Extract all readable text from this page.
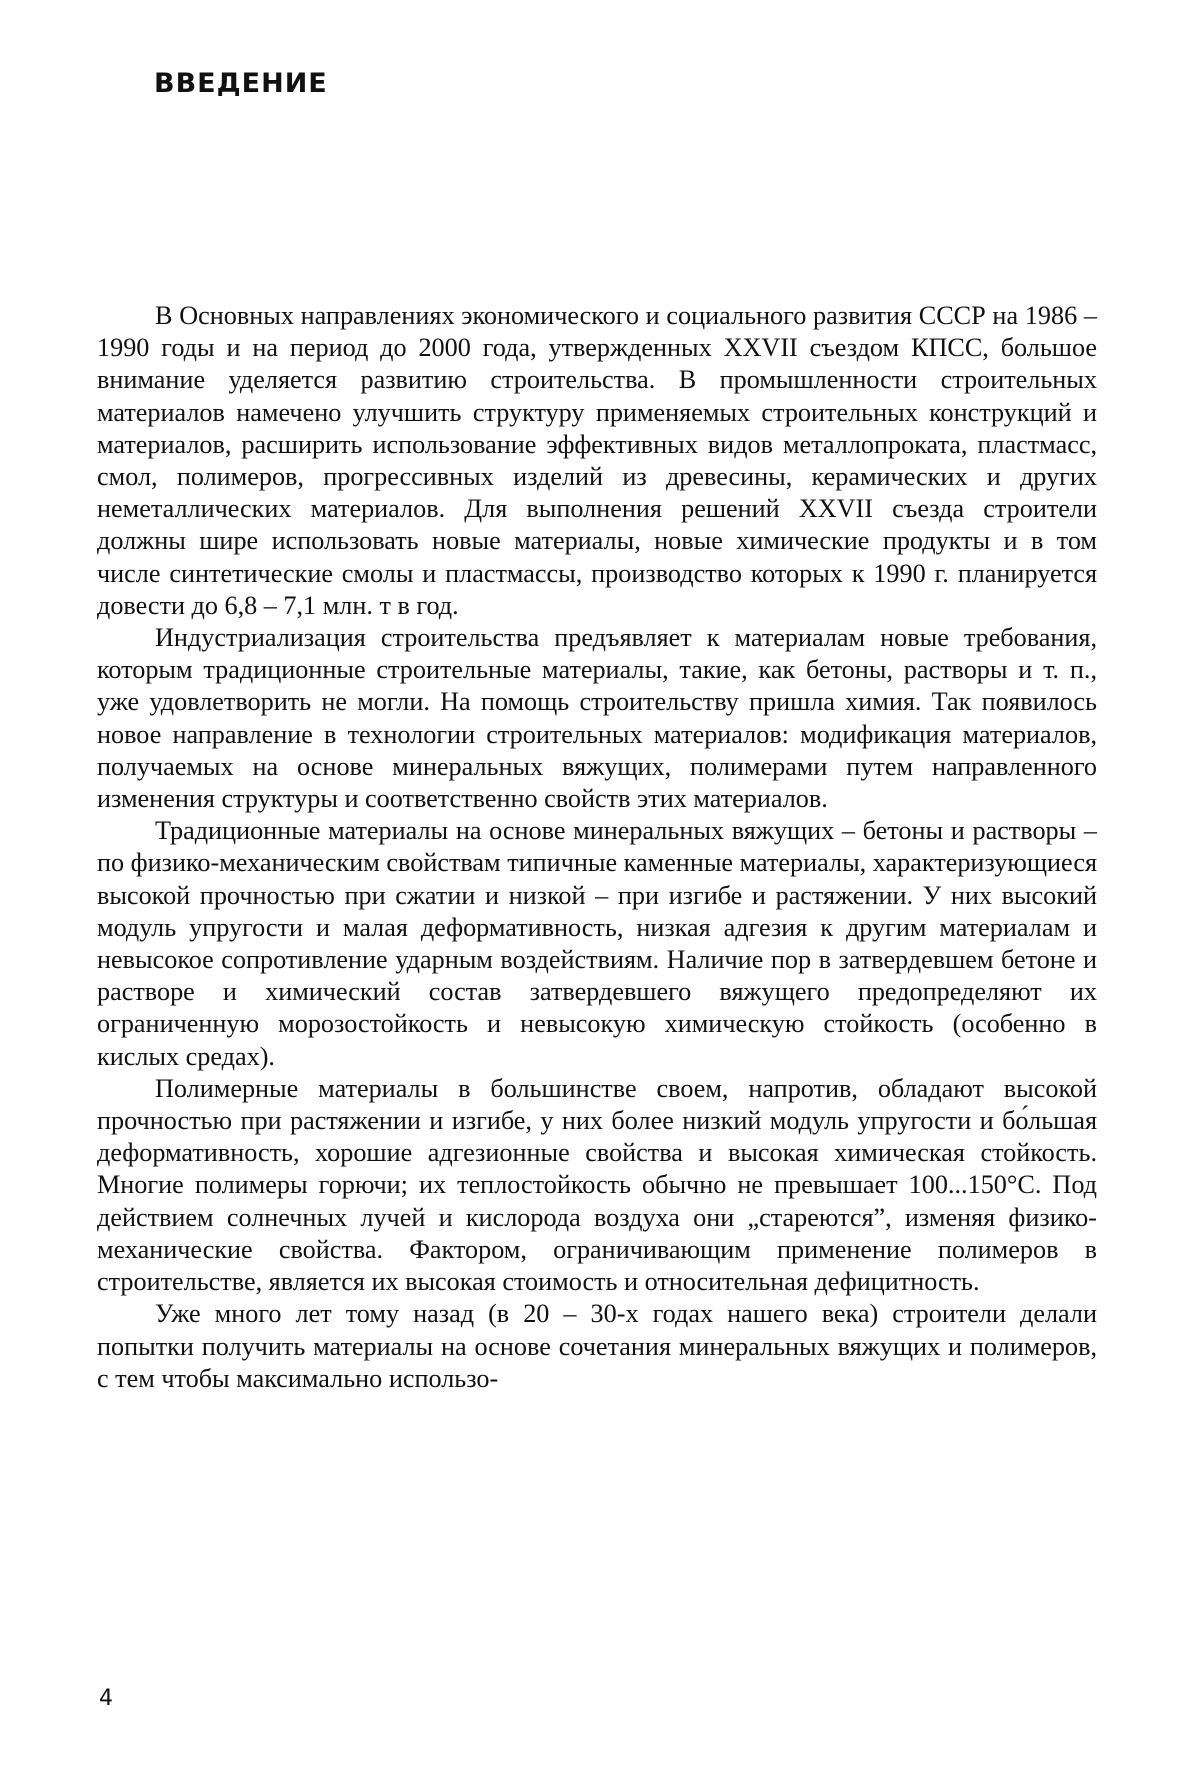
ВВЕДЕНИЕ

В Основных направлениях экономического и социального развития СССР на 1986 – 1990 годы и на период до 2000 года, утвержденных XXVII съездом КПСС, большое внимание уделяется развитию строительства. В промышленности строительных материалов намечено улучшить структуру применяемых строительных конструкций и материалов, расширить использование эффективных видов металлопроката, пластмасс, смол, полимеров, прогрессивных изделий из древесины, керамических и других неметаллических материалов. Для выполнения решений XXVII съезда строители должны шире использовать новые материалы, новые химические продукты и в том числе синтетические смолы и пластмассы, производство которых к 1990 г. планируется довести до 6,8 – 7,1 млн. т в год.

Индустриализация строительства предъявляет к материалам новые требования, которым традиционные строительные материалы, такие, как бетоны, растворы и т. п., уже удовлетворить не могли. На помощь строительству пришла химия. Так появилось новое направление в технологии строительных материалов: модификация материалов, получаемых на основе минеральных вяжущих, полимерами путем направленного изменения структуры и соответственно свойств этих материалов.

Традиционные материалы на основе минеральных вяжущих – бетоны и растворы – по физико-механическим свойствам типичные каменные материалы, характеризующиеся высокой прочностью при сжатии и низкой – при изгибе и растяжении. У них высокий модуль упругости и малая деформативность, низкая адгезия к другим материалам и невысокое сопротивление ударным воздействиям. Наличие пор в затвердевшем бетоне и растворе и химический состав затвердевшего вяжущего предопределяют их ограниченную морозостойкость и невысокую химическую стойкость (особенно в кислых средах).

Полимерные материалы в большинстве своем, напротив, обладают высокой прочностью при растяжении и изгибе, у них более низкий модуль упругости и бо́льшая деформативность, хорошие адгезионные свойства и высокая химическая стойкость. Многие полимеры горючи; их теплостойкость обычно не превышает 100...150°С. Под действием солнечных лучей и кислорода воздуха они „стареются”, изменяя физико-механические свойства. Фактором, ограничивающим применение полимеров в строительстве, является их высокая стоимость и относительная дефицитность.

Уже много лет тому назад (в 20 – 30-х годах нашего века) строители делали попытки получить материалы на основе сочетания минеральных вяжущих и полимеров, с тем чтобы максимально использо-

4
